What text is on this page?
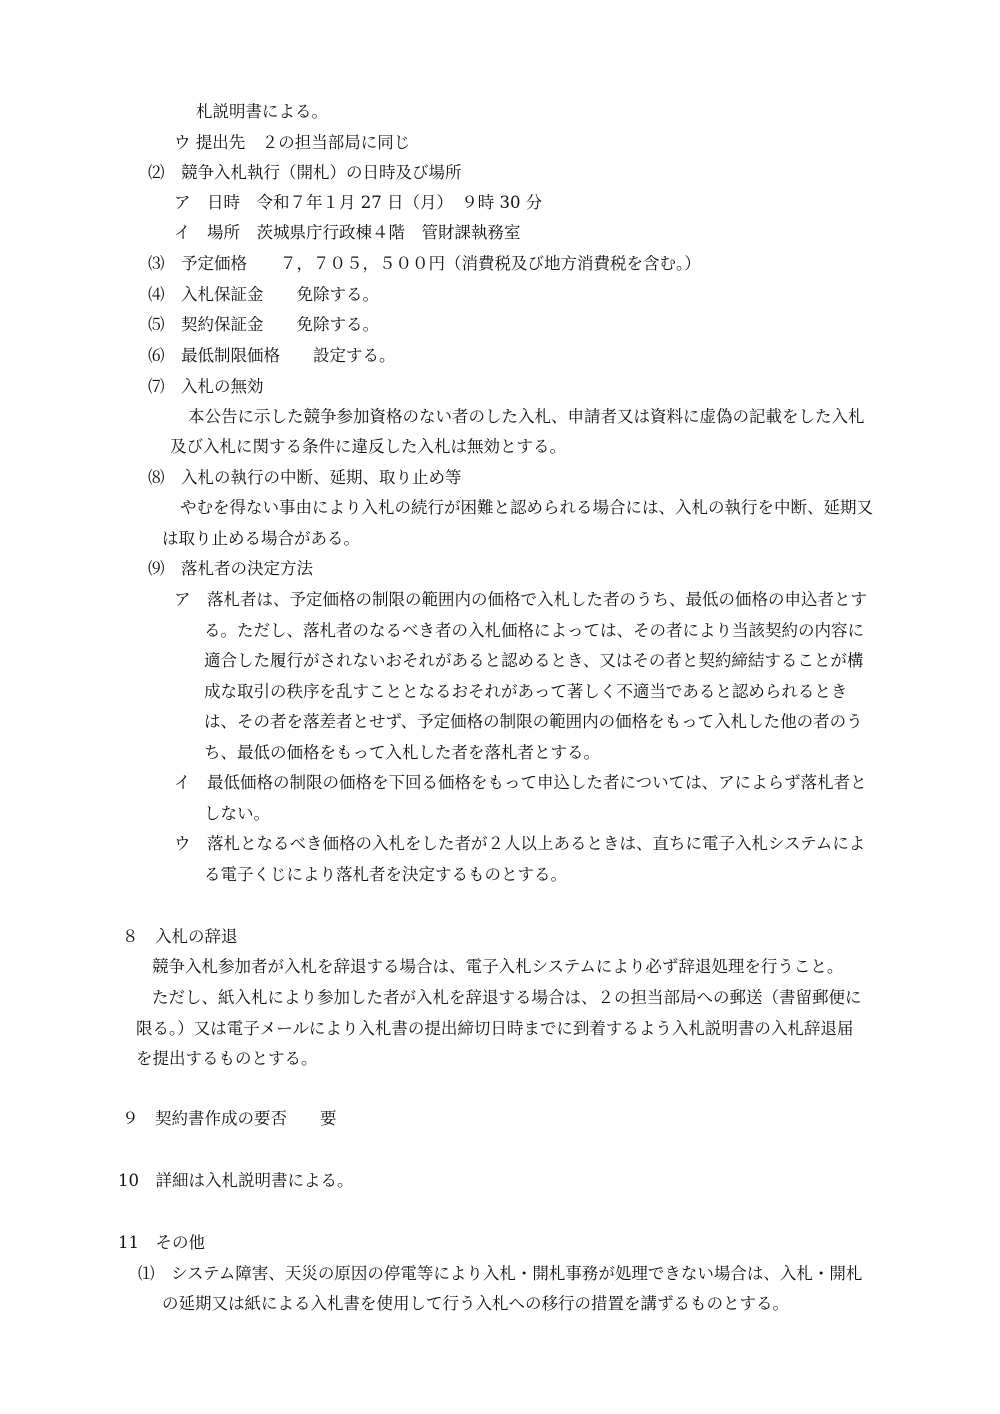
札説明書による。
ウ 提出先　２の担当部局に同じ
⑵　競争入札執行（開札）の日時及び場所
ア　日時　令和７年１月 27 日（月）　９時 30 分
イ　場所　茨城県庁行政棟４階　管財課執務室
⑶　予定価格　　７，７０５，５００円（消費税及び地方消費税を含む。）
⑷　入札保証金　　免除する。
⑸　契約保証金　　免除する。
⑹　最低制限価格　　設定する。
⑺　入札の無効
本公告に示した競争参加資格のない者のした入札、申請者又は資料に虚偽の記載をした入札
及び入札に関する条件に違反した入札は無効とする。
⑻　入札の執行の中断、延期、取り止め等
やむを得ない事由により入札の続行が困難と認められる場合には、入札の執行を中断、延期又
は取り止める場合がある。
⑼　落札者の決定方法
ア　落札者は、予定価格の制限の範囲内の価格で入札した者のうち、最低の価格の申込者とす
る。ただし、落札者のなるべき者の入札価格によっては、その者により当該契約の内容に
適合した履行がされないおそれがあると認めるとき、又はその者と契約締結することが構
成な取引の秩序を乱すこととなるおそれがあって著しく不適当であると認められるとき
は、その者を落差者とせず、予定価格の制限の範囲内の価格をもって入札した他の者のう
ち、最低の価格をもって入札した者を落札者とする。
イ　最低価格の制限の価格を下回る価格をもって申込した者については、アによらず落札者と
しない。
ウ　落札となるべき価格の入札をした者が２人以上あるときは、直ちに電子入札システムによ
る電子くじにより落札者を決定するものとする。
８　入札の辞退
競争入札参加者が入札を辞退する場合は、電子入札システムにより必ず辞退処理を行うこと。
ただし、紙入札により参加した者が入札を辞退する場合は、２の担当部局への郵送（書留郵便に
限る。）又は電子メールにより入札書の提出締切日時までに到着するよう入札説明書の入札辞退届
を提出するものとする。
９　契約書作成の要否　　要
10　詳細は入札説明書による。
11　その他
⑴　システム障害、天災の原因の停電等により入札・開札事務が処理できない場合は、入札・開札
の延期又は紙による入札書を使用して行う入札への移行の措置を講ずるものとする。
